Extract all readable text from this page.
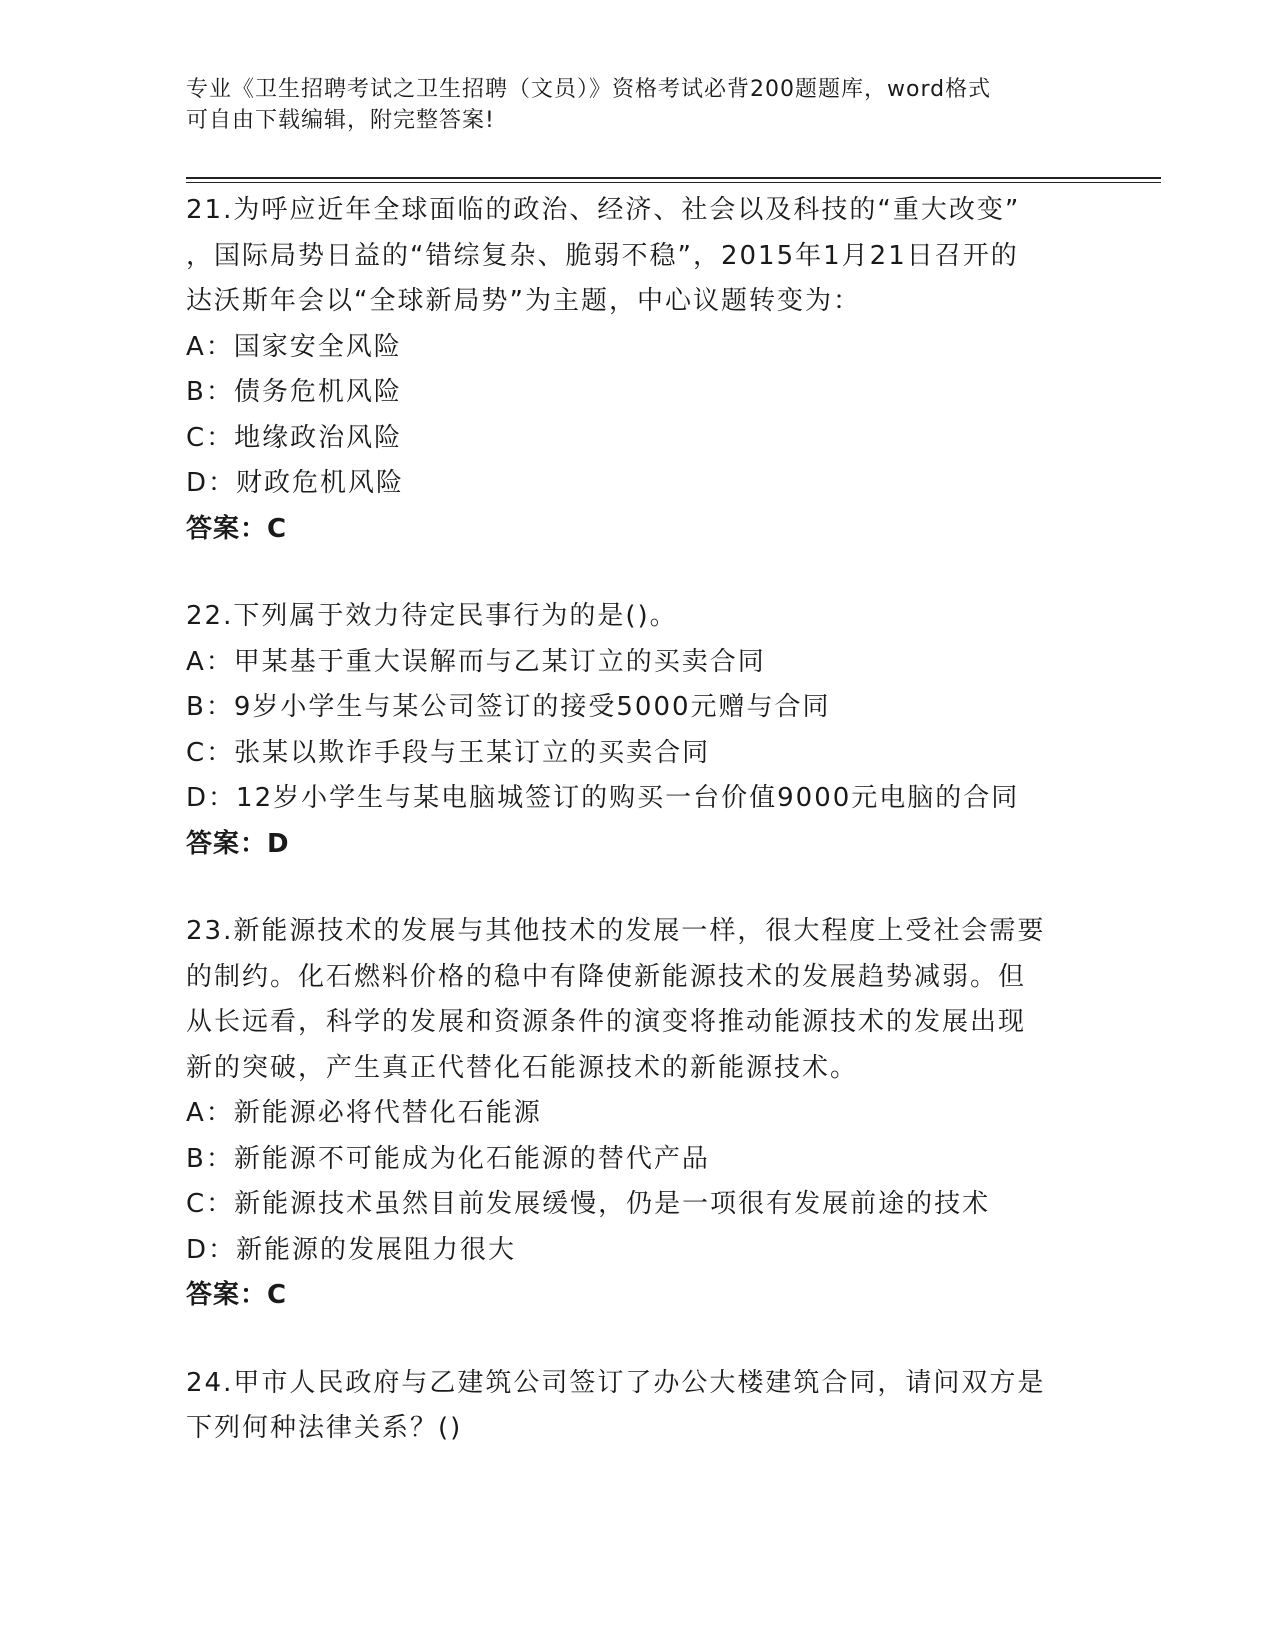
专业《卫生招聘考试之卫生招聘（文员）》资格考试必背200题题库，word格式
可自由下载编辑，附完整答案!
21.为呼应近年全球面临的政治、经济、社会以及科技的“重大改变”
，国际局势日益的“错综复杂、脆弱不稳”，2015年1月21日召开的
达沃斯年会以“全球新局势”为主题，中心议题转变为：
A：国家安全风险
B：债务危机风险
C：地缘政治风险
D：财政危机风险
答案：C
22.下列属于效力待定民事行为的是()。
A：甲某基于重大误解而与乙某订立的买卖合同
B：9岁小学生与某公司签订的接受5000元赠与合同
C：张某以欺诈手段与王某订立的买卖合同
D：12岁小学生与某电脑城签订的购买一台价值9000元电脑的合同
答案：D
23.新能源技术的发展与其他技术的发展一样，很大程度上受社会需要
的制约。化石燃料价格的稳中有降使新能源技术的发展趋势减弱。但
从长远看，科学的发展和资源条件的演变将推动能源技术的发展出现
新的突破，产生真正代替化石能源技术的新能源技术。
A：新能源必将代替化石能源
B：新能源不可能成为化石能源的替代产品
C：新能源技术虽然目前发展缓慢，仍是一项很有发展前途的技术
D：新能源的发展阻力很大
答案：C
24.甲市人民政府与乙建筑公司签订了办公大楼建筑合同，请问双方是
下列何种法律关系？()
